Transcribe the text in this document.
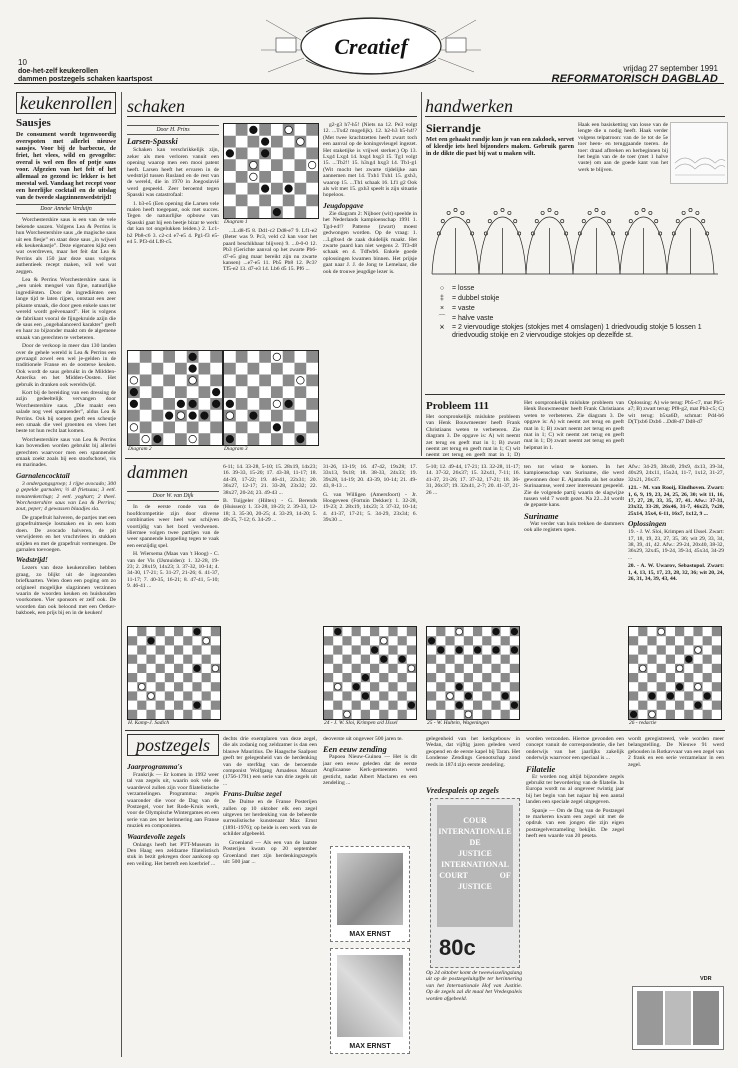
10
doe-het-zelf keukerollen
dammen postzegels schaken kaartspost
Creatief
vrijdag 27 september 1991
REFORMATORISCH DAGBLAD
keukenrollen
Sausjes
De consument wordt tegenwoordig overspoten met allerlei nieuwe sausjes. Voor bij de barbecue, de friet, het vlees, wild en gevogelte: overal is wel een fles of potje saus voor. Afgezien van het feit of het allemaal zo gezond is: lekker is het meestal wel. Vandaag het recept voor een heerlijke cocktail en de uitslag van de tweede slagzinnenwedstrijd!
Door Anneke Verduijn

Worchestershire saus is een van de vele bekende sauzen. Volgens Lea & Perrins is hun Worchestershire saus „de magische saus uit een flesje” en staat deze saus „in wijwel elk keukenkastje”. Deze eigenaren kijkt een wat overdreven, maar het feit dat Lea & Perrins als 150 jaar deze saus volgens authentieek recept maken, wil wel wat zeggen.

Lea & Perrins Worchestershire saus is „een uniek mengsel van fijne, natuurlijke ingrediënten. Door de ingrediënten een lange tijd te laten rijpen, ontstaat een zeer pikante smaak, die door geen enkele saus ter wereld wordt geëvenaard”. Het is volgens de fabrikant vooral de fijngekruide azijn die de saus een „ongebalanceerd karakter” geeft en haar zo bijzonder maakt om de algemene smaak van gerechten te verbeteren.

Door de verkoop in meer dan 130 landen over de gehele wereld is Lea & Perrins een gevraagd zowel een wel je-gelden in de traditionele Franse en de oosterse keuken. Ook wordt de saus gebruikt in de Mildden-Amerika en het Midden-Oosten. Het gebruik in dranken ook wereldwijd.

Kort bij de bereiding van een dressing de azijn gedeeltelijk vervangen door Worchestershire saus. „Die maakt een salade nog veel spannender”, aldus Lea & Perrins. Ook bij soepen geeft een scheutje een smaak die veel groenten en vlees het beste tot hun recht laat komen.

Worchestershire saus van Lea & Perrins kan bovendien worden gebruikt bij allerlei gerechten waarvoor men een spannender smaak zoekt zoals bij een stoofschotel, vis en marinades.

Garnalencocktail

3 ondergangsgroep; 1 rijpe avocado; 300 g gepelde garnalen; ½ dl frietsaus; 3 eetl. tomatenketchup; 2 eetl. yoghurt; 2 theel. Worchestershire saus van Lea & Perrins; zout, peper; 4 gewassen blaadjes sla.

De grapefruit halveren, de partjes met een grapefruitmesje losmaken en in een kom doen. De avocado halveren, de pit verwijderen en het vruchtvlees in stukken snijden en met de grapefruit vermengen. De garnalen toevoegen.

Wedstrijd!

Lezers van deze keukenrollen hebben graag, zo blijkt uit de ingezonden briefkaarten. Velen doen een poging om zo origineel mogelijke slagzinnen verzinnen waarin de woorden keuken en huishouden voorkomen. Vier sponsors er zelf ook. De woorden dan ook beloond met een Oetker-bakboek, een prijs bij en in de keuken!

schaken
Door H. Prins
Larsen-Spasski

Schaken kan verschrikkelijk zijn, zeker als men verloren vanuit een opening waarop men een mooi patent heeft. Larsen heeft het ervaren in de wedstrijd tussen Rusland en de rest van de wereld, die in 1970 in Joegoslavië werd gespeeld. Zeer beroemd tegen Spasski was catastrofaal:

1. b3-e5 (Een opening die Larsen vele malen heeft toegepast, ook met succes. Tegen de natuurlijke opbouw van Spasski gaat hij een beetje bizar te werk: dat kan tot ongelukken leiden.) 2. Lc1-b2 Pb8-c6 3. c2-c4 e7-e5 4. Pg1-f3 e5-e4 5. Pf3-d4 Lf8-c5.

Diagram 1

...L.d8-f5 8. Dd1-c2 Dd8-e7 9. Lf1-e2 (Beter was 9. Pc3, veld c2 kan voor het paard beschikbaar blijven) 9. ...0-0-0 12. Pb3 (Gerichte aanval op het zwarte Pb6-d7-e5 ging maar bereikt zijn nu zwarte kansen) ...e7-e5 11. Pb5 Pb8 12. Pc3? Tf5-e2 13. d7-e3 14. Lb6 d5 15. Pf6 ...

Diagram 2	Diagram 3

g2-g3 h7-h5! (Niets na 12. Pe3 volgt 12. ...Txd2 mogelijk). 12. h2-h3 h5-h4!? (Met twee krachtzetten heeft zwart toch een aanval op de koningsvleugel ingezet. Het staketijke is vrijwel sterker.) Op 13. Lxg4 Lxg4 14. hxg4 hxg3 15. Tg1 volgt 15. ...Tb2!! 15. h3xg4 hxg3 14. Tb1-g1 (Wit mocht het zwarte tijdelijke aan aannemen met 14. Txh1 Txh1 15. gxh3, waarop 15. ...Th1 schaak 16. Lf1 g2 Ook als wit met 15. gxh3 speelt is zijn situatie hopeloos.

Jeugdopgave

Zie diagram 2: Nijboer (wit) speelde in het Nederlands kampioenschap 1991 1. Tg4-e4!? Patterse (zwart) moest gedwongen worden. Op de vraag: 1. ...Lg8xe4 de zaak duidelijk maakt. Het zwarte paard kan niet wegens 2. Tf3-d8 schaak en 4. Tdfwb6. Enkele goede oplossingen kwamen binnen. Het prijsje gaat naar J. J. de Jong te Lemelaar, die ook de trouwe jeugdige lezer is.

handwerken
Sierrandje
Met een gehaakt randje kun je van een zakdoek, servet of kleedje iets heel bijzonders maken. Gebruik garen in de dikte die past bij wat u maken wilt.

Haak een basisketting van losse van de lengte die u nodig heeft. Haak verder volgens telpatroon: van de 1e tot de 5e toer heen- en teruggaande toeren. 4e toer: draad afbreken en herbeginnen bij het begin van de 4e toer (met 1 halve vaste) om aan de goede kant van het werk te blijven.

○ = losse
‡ = dubbel stokje
× = vaste
⌒ = halve vaste
⩙	= 2 viervoudige stokjes (stokjes met 4 omslagen) 1 driedvoudig stokje 5 lossen 1 driedvoudig stokje en 2 viervoudige stokjes op dezelfde st.
Probleem 111

Het oorspronkelijk mislukte probleem van Henk Bouwmeester heeft Frank Christiaans weten te verbeteren. Zie diagram 3. De opgave is: A) wit neemt zet terug en geeft mat in 1; B) zwart neemt zet terug en geeft mat in 1; C) wit neemt zet terug en geeft mat in 1; D)

Het oorspronkelijk mislukte probleem van Henk Bouwmeester heeft Frank Christiaans weten te verbeteren. Zie diagram 3. De opgave is: A) wit neemt zet terug en geeft mat in 1; B) zwart neemt zet terug en geeft mat in 1; C) wit neemt zet terug en geeft mat in 1; D) zwart neemt zet terug en geeft helpmat in 1.

Oplossing: A) wie terug: Pb5-c7, mat Pb5-a7; B) zwart terug: Pf8-g2, mat Pb3-c5; C) wit terug: b5xa6D, schmat: Pd4-b6 D(T)xb6 Dxb6 ...Dd8-d7 Dd8-d7

dammen
Door W. van Dijk

In de eerste ronde van de hoofdcompetitie zijn door diverse combinaties weer heel wat schijven voortijdig van het bord verdwenen. Hiermee volgen twee partijen van de weer spannende koppeling tegen te vaak een eenzijdig spel.

H. Wiersema (Maas van 't Hoog) - C. van der Vis (IJsmuiden): 1. 32-28, 19-23; 2. 28x19, 14x23; 3. 37-32, 10-14; 4. 34-30, 17-21; 5. 31-27, 21-26; 6. 41-37, 11-17; 7. 40-35, 16-21; 8. 47-41, 5-10; 9. 46-41 ...

6-11; 14. 33-28, 5-10; 15. 28x19, 14x23; 16. 39-33, 15-20; 17. 43-38, 11-17; 18. 44-39, 17-22; 19. 46-41, 22x31; 20. 36x27, 12-17; 21. 33-28, 23x32; 22. 38x27, 20-24; 23. 49-43 ...

B. Tuijgeler (Hiltex) - G. Berends (Huissen): 1. 33-28, 18-23; 2. 39-33, 12-18; 3. 35-30, 20-25; 4. 33-29, 14-20; 5. 40-35, 7-12; 6. 34-29 ...

31-26, 13-19; 16. 47-42, 19x28; 17. 33x13, 9x18; 18. 38-33, 24x33; 19. 39x28, 14-19; 20. 43-39, 10-14; 21. 49-43, 8-13 ...

G. van Willigen (Amersfoort) - Jr. Hoogeveen (Fortuin Dekker): 1. 32-28, 19-23; 2. 28x19, 14x23; 3. 37-32, 10-14; 4. 41-37, 17-21; 5. 34-29, 23x34; 6. 39x30 ...

5-10; 12. 49-44, 17-21; 13. 32-28, 11-17; 14. 37-32, 26x37; 15. 32x41, 7-11; 16. 41-37, 21-26; 17. 37-32, 17-21; 18. 36-31, 26x37; 19. 32x41, 2-7; 20. 41-37, 21-26 ...

ten tot winst te komen. In het kampioenschap van Suriname, die werd gewonnen door E. Ajamudin als het oudste Surinaamse, werd zeer interessant gespeeld. Zie de volgende partij waarin de slagwijze tussen veld 7 wordt gezet. Na 22...24 wordt de gepaste kans.

Suriname

Wat verder van huis trekken de dammers ook alle registers open.

Afw.: 34-29, 38x40, 29x9, 4x13, 39-34, 40x29, 24x11, 15x24, 11-7, 1x12, 31-27, 32x21, 26x37.

121. - M. van Rooij, Eindhoven. Zwart: 1, 6, 9, 19, 23, 24, 25, 26, 30; wit 11, 16, 17, 27, 28, 33, 35, 37, 41. Afw.: 37-31, 23x32, 33-28, 26x46, 31-7, 46x23, 7x20, 25x14, 35x4, 6-11, 16x7, 1x12, 9 ...

Oplossingen

19. - J. W. Sloi, Krimpen a/d IJssel. Zwart: 17, 18, 19, 23, 27, 35, 36; wit 29, 33, 34, 38, 39, 41, 42. Afw.: 29-24, 20x40, 38-32, 36x29, 32x45, 19-24, 39-34, 45x34, 34-29 ...

20. - A. W. Uwarov, Sebastopol. Zwart: 1, 4, 13, 15, 17, 23, 28, 32, 36; wit 20, 24, 26, 31, 34, 39, 43, 44.

H. Kamp-J. Sadich	24 - J. W. Sloi, Krimpen a/d IJssel	25 - W. Hultein, Wageningen	26 - redactie
postzegels
Jaarprogramma's

Frankrijk — Er komen in 1992 weer tal van zegels uit, waarin ook vele de waardevol zullen zijn voor filatelistische verzamelingen. Programma: zegels waaronder die voor de Dag van de Postzegel, voor het Rode-Kruis werk, voor de Olympische Wintergames en een serie van zes ter herinnering aan Franse muziek en componisten.

Waardevolle zegels

Onlangs heeft het PTT-Museum in Den Haag een zeldzame filatelistisch stuk in bezit gekregen door aankoop op een veiling. Het betreft een koerbrief ...

dechts drie exemplaren van deze zegel, die als zodanig nog zeldzamer is dan een blauwe Mauritius. De Haagsche Saalpost geeft ter gelegenheid van de herdenking van de sterfdag van de beroemde componist Wolfgang Amadeus Mozart (1756-1791) een serie van drie zegels uit ...

Frans-Duitse zegel

De Duitse en de Franse Posterijen zullen op 10 oktober elk een zegel uitgeven ter herdenking van de beheerde surrealistische kunstenaar Max Ernst (1891-1976); op beide is een werk van de schilder afgebeeld.

Groenland — Als een van de laatste Posterijen kwam op 20 september Groenland met zijn herdenkingszegels uit: 500 jaar ...

deoverste uit ongeveer 500 jaren te.

Een eeuw zending

Papoea Nieuw-Guinea — Het is dit jaar een eeuw geleden dat de eerste Anglicaanse Kerk-gemeenten werd gesticht, nadat Albert Maclaren en een zendeling ...

MAX ERNST
MAX ERNST

gelegenheid van het kerkgebouw in Wedan, dat vijftig jaren geleden werd geopend en de eerste kapel bij Taran. Het Londense Zendings Genootschap zond reeds in 1874 zijn eerste zendeling.

Vredespaleis op zegels
COUR INTERNATIONALE DE JUSTICE INTERNATIONAL COURT OF JUSTICE
80c

Op 24 oktober komt de tweewisselingslang uit op de postzegeluitgifte ter herinnering van het Internationale Hof van Justitie. Op de zegels zal dit maal het Vredespaleis worden afgebeeld.

worden verzonden. Hiertoe gevonden een concept vanuit de correspondentie, die het onderwijs van het jaarlijks zakelijk onderwijs waarvoor een speciaal is ...

Filatelie

Er worden nog altijd bijzondere zegels gebruikt ter bevordering van de filatelie. In Europa wordt nu al ongeveer twintig jaar bij het begin van het najaar bij een aantal landen een speciale zegel uitgegeven.

Spanje — Om de Dag van de Postzegel te markeren kwam een zegel uit met de opdruk van een jongen die zijn eigen postzegelverzameling bekijkt. De zegel heeft een waarde van 20 peseta.

wordt geregistreerd, vele worden meer belangstelling. De Nieuwe 91 werd gehouden in Rotkavvaar van een zegel van 2 frank en een serie verzamelaar in een zegel.

VDR
